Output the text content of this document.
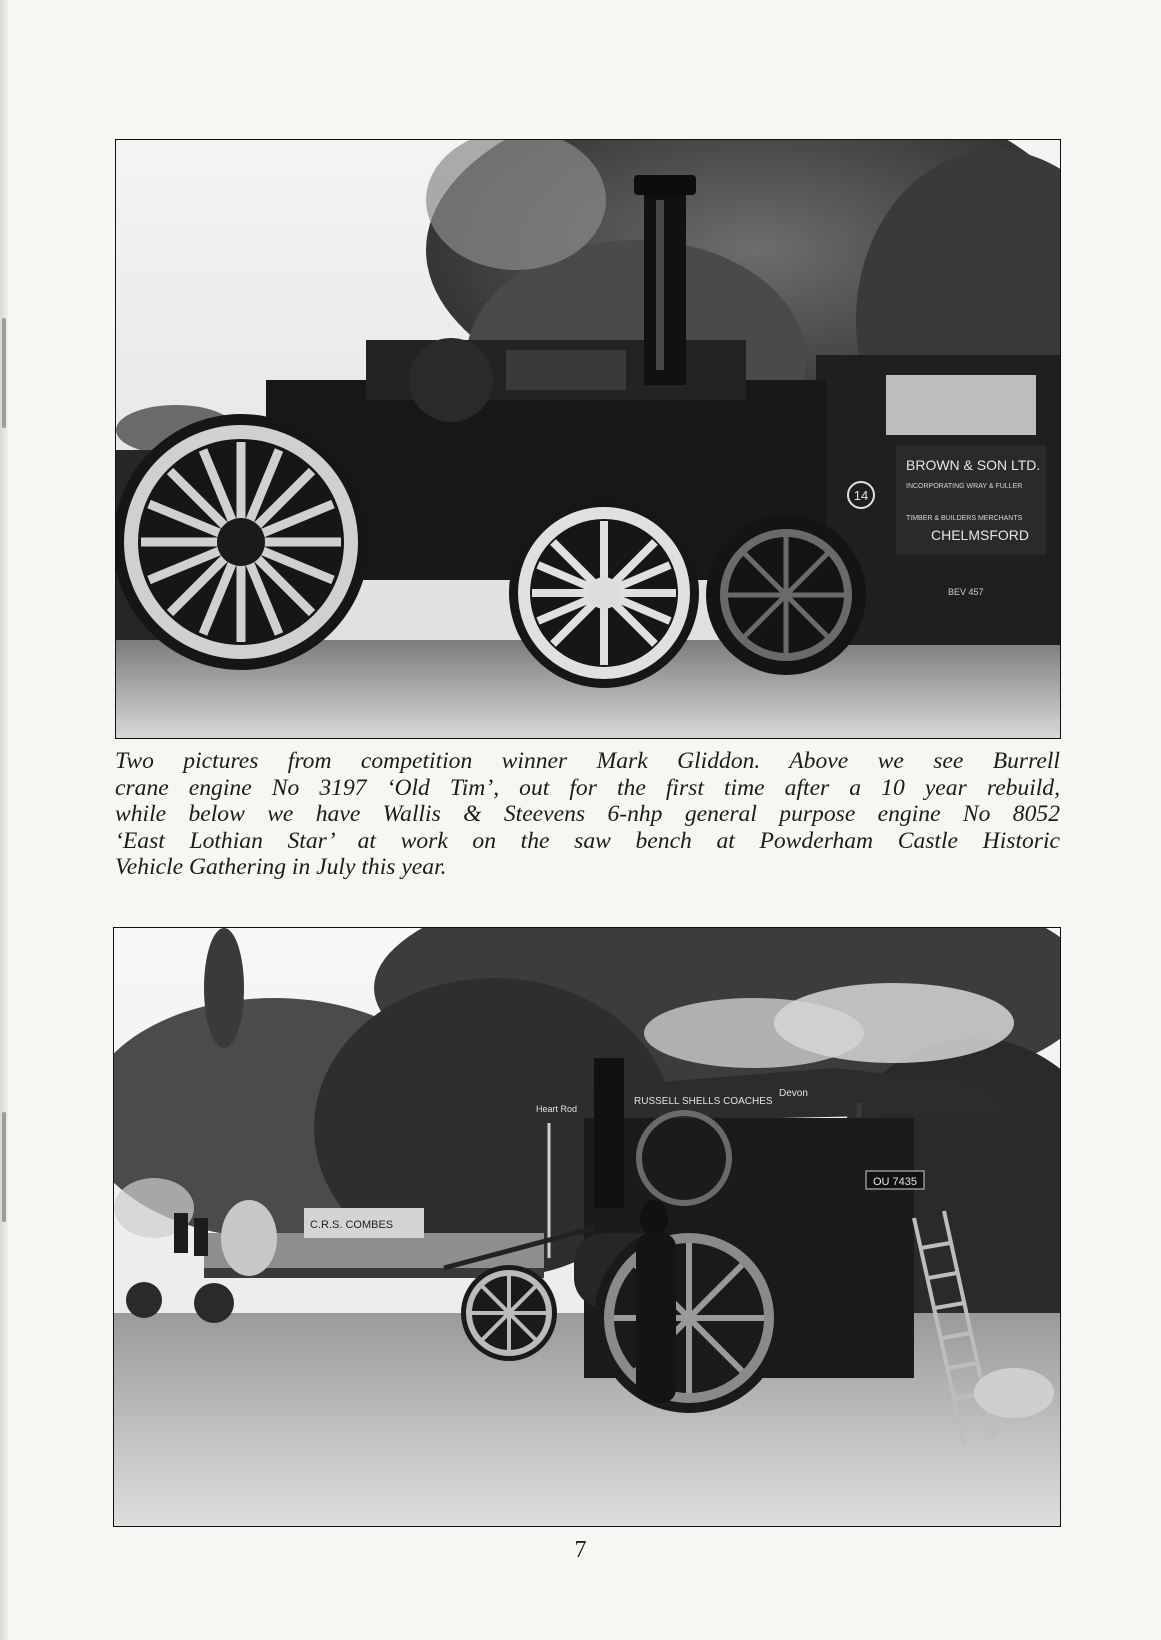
BROWN & SON LTD.
INCORPORATING WRAY & FULLER
TIMBER & BUILDERS MERCHANTS
CHELMSFORD
14
BEV 457
Two pictures from competition winner Mark Gliddon. Above we see Burrell
crane engine No 3197 ‘Old Tim’, out for the first time after a 10 year rebuild,
while below we have Wallis & Steevens 6-nhp general purpose engine No 8052
‘East Lothian Star’ at work on the saw bench at Powderham Castle Historic
Vehicle Gathering in July this year.
Heart Rod
RUSSELL SHELLS COACHES
Devon
OU 7435
C.R.S. COMBES
7
